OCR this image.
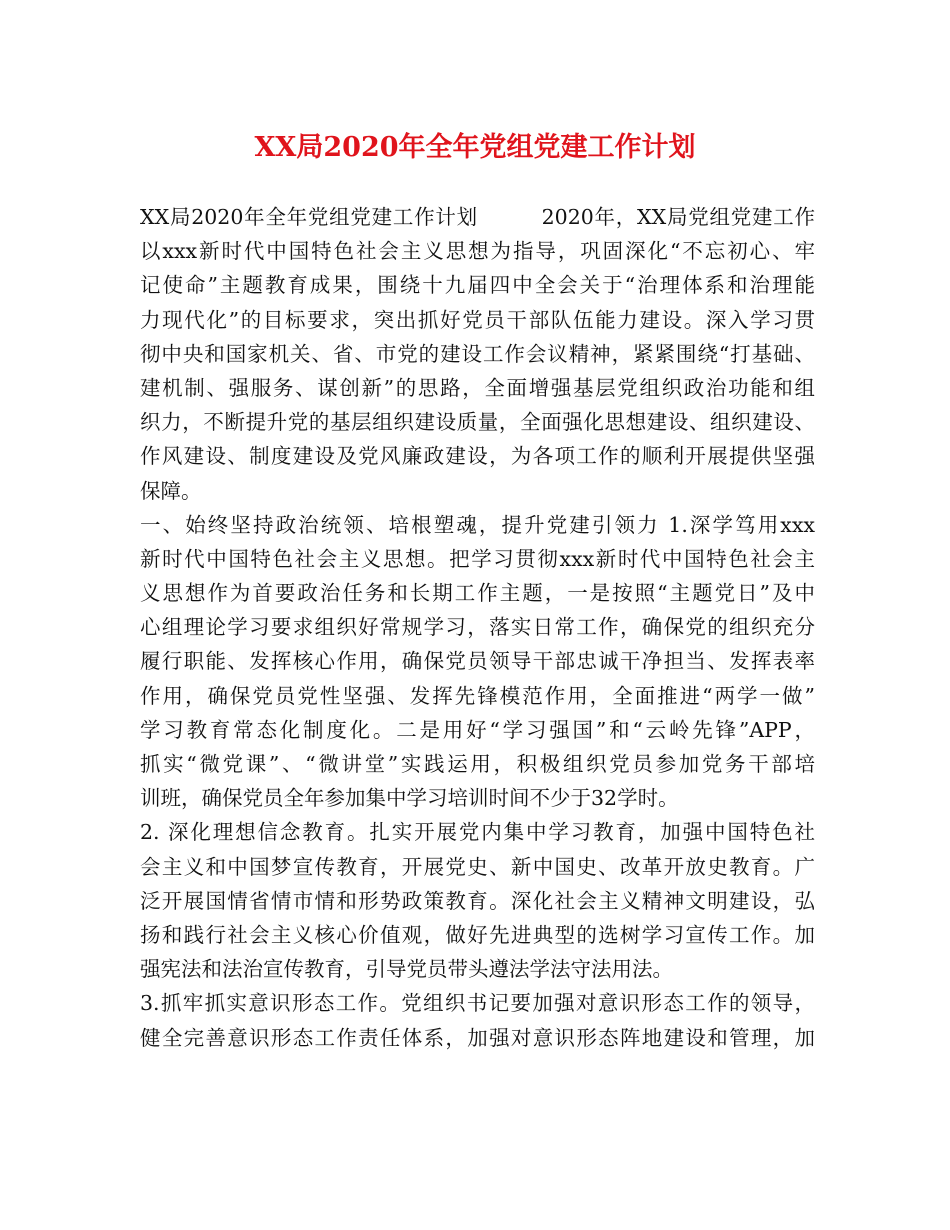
XX局2020年全年党组党建工作计划
XX局2020年全年党组党建工作计划　　　2020年，XX局党组党建工作
以xxx新时代中国特色社会主义思想为指导，巩固深化“不忘初心、牢
记使命”主题教育成果，围绕十九届四中全会关于“治理体系和治理能
力现代化”的目标要求，突出抓好党员干部队伍能力建设。深入学习贯
彻中央和国家机关、省、市党的建设工作会议精神，紧紧围绕“打基础、
建机制、强服务、谋创新”的思路，全面增强基层党组织政治功能和组
织力，不断提升党的基层组织建设质量，全面强化思想建设、组织建设、
作风建设、制度建设及党风廉政建设，为各项工作的顺利开展提供坚强
保障。
一、始终坚持政治统领、培根塑魂，提升党建引领力 1.深学笃用xxx
新时代中国特色社会主义思想。把学习贯彻xxx新时代中国特色社会主
义思想作为首要政治任务和长期工作主题，一是按照“主题党日”及中
心组理论学习要求组织好常规学习，落实日常工作，确保党的组织充分
履行职能、发挥核心作用，确保党员领导干部忠诚干净担当、发挥表率
作用，确保党员党性坚强、发挥先锋模范作用，全面推进“两学一做”
学习教育常态化制度化。二是用好“学习强国”和“云岭先锋”APP，
抓实“微党课”、“微讲堂”实践运用，积极组织党员参加党务干部培
训班，确保党员全年参加集中学习培训时间不少于32学时。
2. 深化理想信念教育。扎实开展党内集中学习教育，加强中国特色社
会主义和中国梦宣传教育，开展党史、新中国史、改革开放史教育。广
泛开展国情省情市情和形势政策教育。深化社会主义精神文明建设，弘
扬和践行社会主义核心价值观，做好先进典型的选树学习宣传工作。加
强宪法和法治宣传教育，引导党员带头遵法学法守法用法。
3.抓牢抓实意识形态工作。党组织书记要加强对意识形态工作的领导，
健全完善意识形态工作责任体系，加强对意识形态阵地建设和管理，加
